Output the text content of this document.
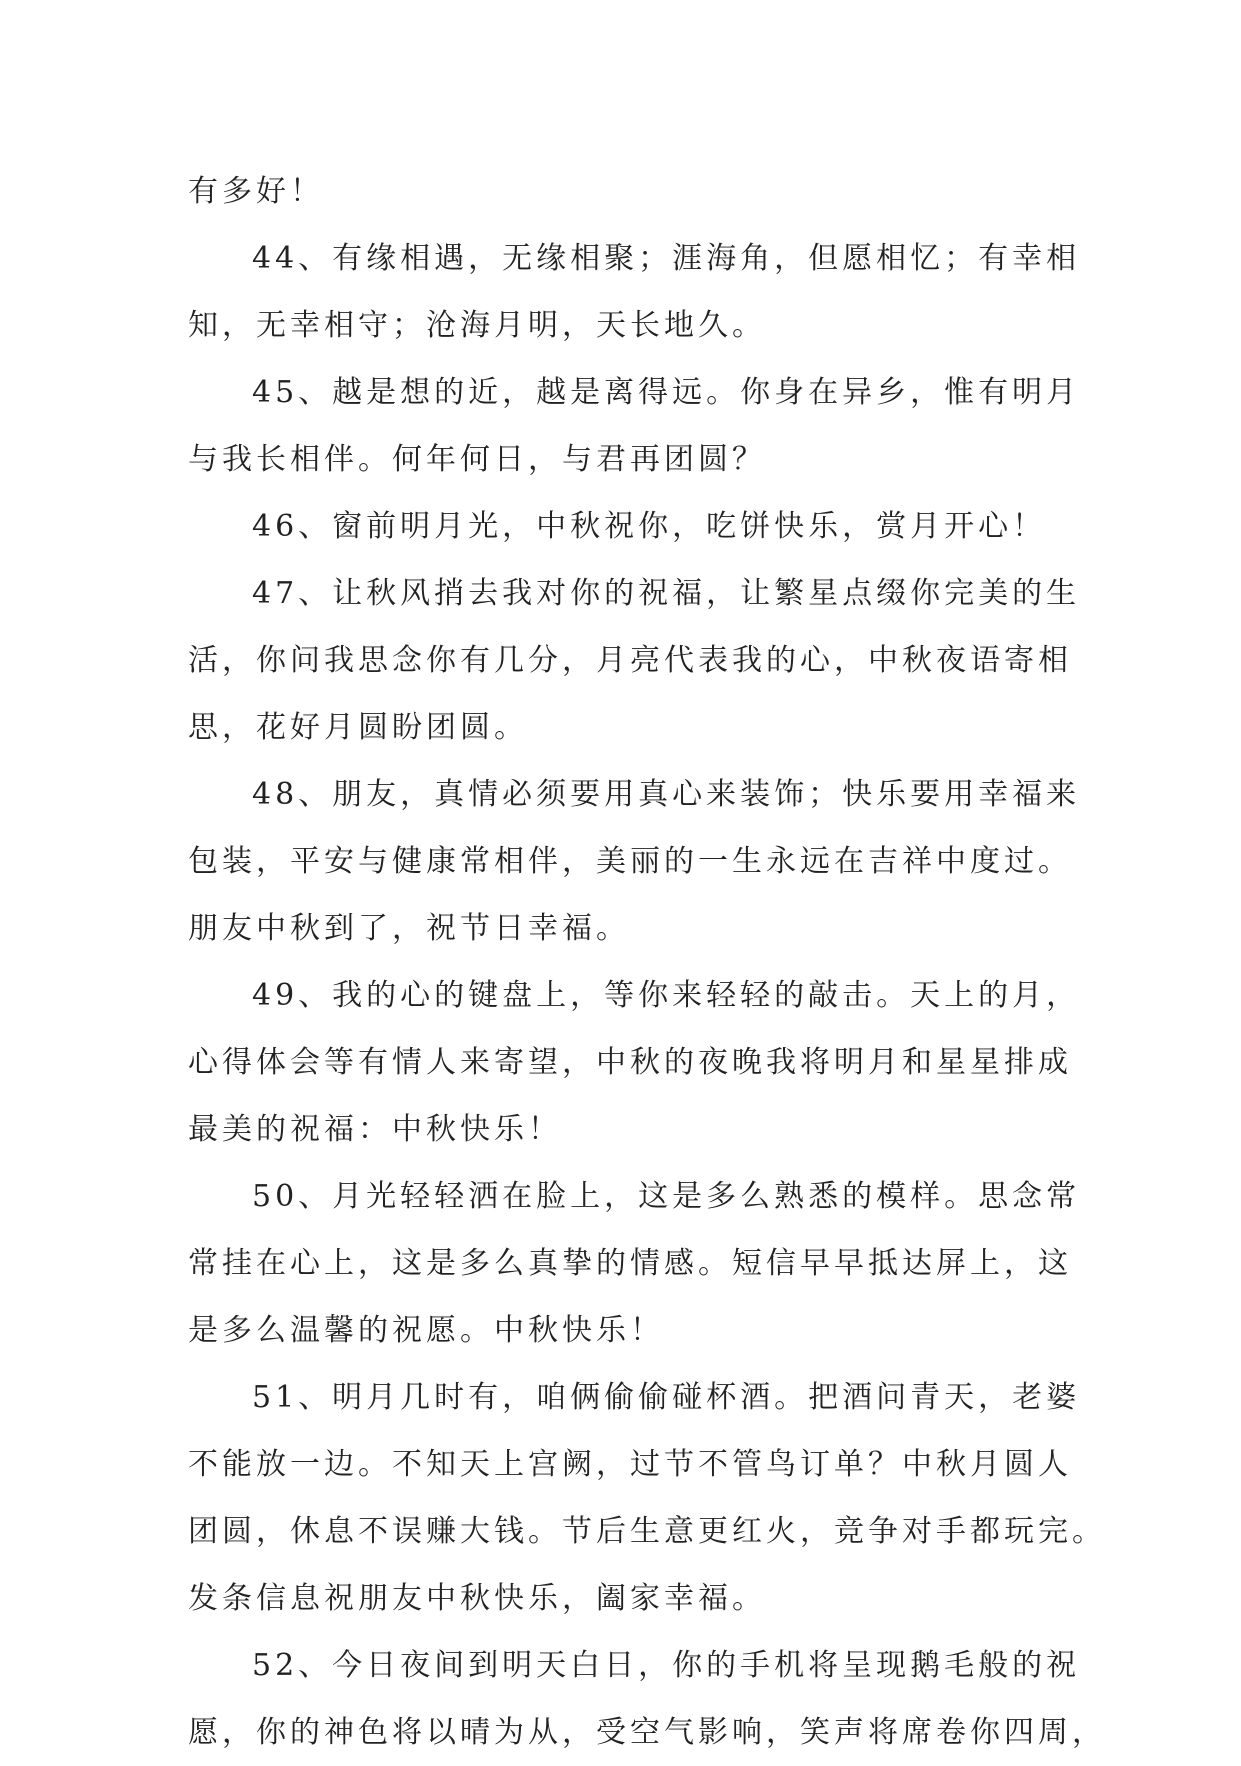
有多好！
44、有缘相遇，无缘相聚；涯海角，但愿相忆；有幸相
知，无幸相守；沧海月明，天长地久。
45、越是想的近，越是离得远。你身在异乡，惟有明月
与我长相伴。何年何日，与君再团圆？
46、窗前明月光，中秋祝你，吃饼快乐，赏月开心！
47、让秋风捎去我对你的祝福，让繁星点缀你完美的生
活，你问我思念你有几分，月亮代表我的心，中秋夜语寄相
思，花好月圆盼团圆。
48、朋友，真情必须要用真心来装饰；快乐要用幸福来
包装，平安与健康常相伴，美丽的一生永远在吉祥中度过。
朋友中秋到了，祝节日幸福。
49、我的心的键盘上，等你来轻轻的敲击。天上的月，
心得体会等有情人来寄望，中秋的夜晚我将明月和星星排成
最美的祝福：中秋快乐！
50、月光轻轻洒在脸上，这是多么熟悉的模样。思念常
常挂在心上，这是多么真挚的情感。短信早早抵达屏上，这
是多么温馨的祝愿。中秋快乐！
51、明月几时有，咱俩偷偷碰杯酒。把酒问青天，老婆
不能放一边。不知天上宫阙，过节不管鸟订单？中秋月圆人
团圆，休息不误赚大钱。节后生意更红火，竞争对手都玩完。
发条信息祝朋友中秋快乐，阖家幸福。
52、今日夜间到明天白日，你的手机将呈现鹅毛般的祝
愿，你的神色将以晴为从，受空气影响，笑声将席卷你四周，
